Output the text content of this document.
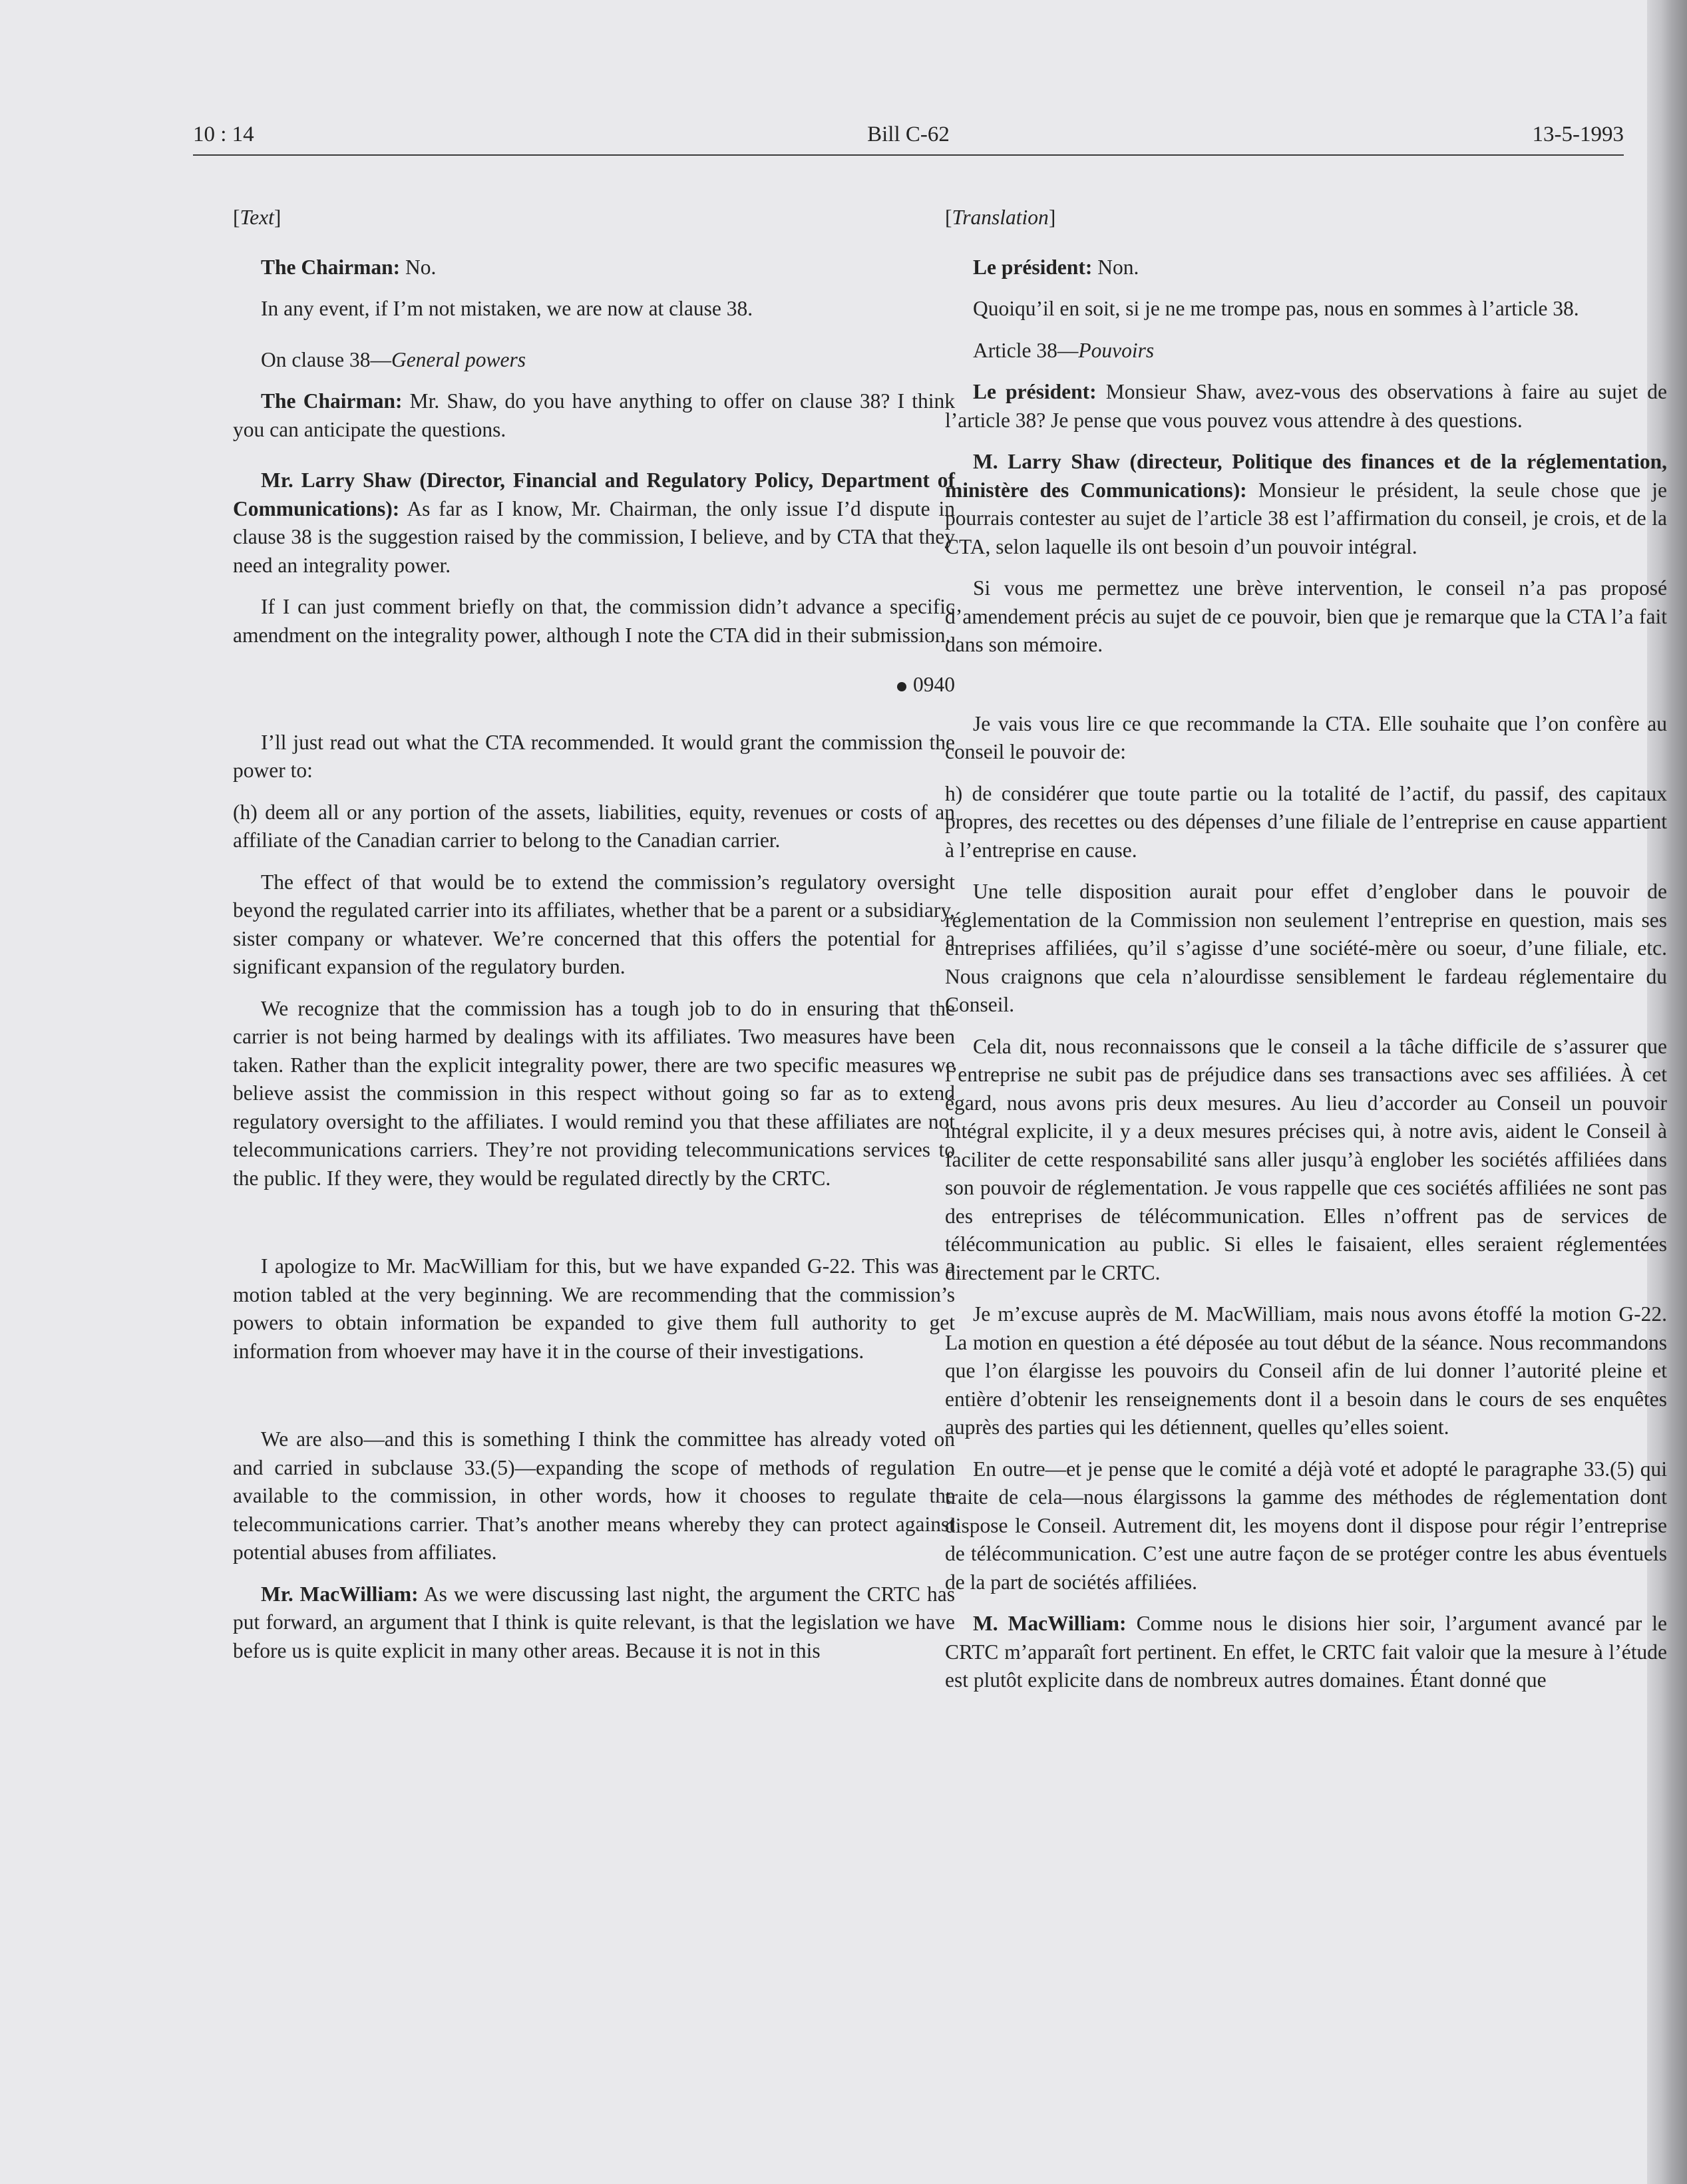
10 : 14	Bill C-62	13-5-1993

[Text]

The Chairman: No.

In any event, if I’m not mistaken, we are now at clause 38.

On clause 38—General powers

The Chairman: Mr. Shaw, do you have anything to offer on clause 38? I think you can anticipate the questions.

Mr. Larry Shaw (Director, Financial and Regulatory Policy, Department of Communications): As far as I know, Mr. Chairman, the only issue I’d dispute in clause 38 is the suggestion raised by the commission, I believe, and by CTA that they need an integrality power.

If I can just comment briefly on that, the commission didn’t advance a specific amendment on the integrality power, although I note the CTA did in their submission.

0940

I’ll just read out what the CTA recommended. It would grant the commission the power to:

(h) deem all or any portion of the assets, liabilities, equity, revenues or costs of an affiliate of the Canadian carrier to belong to the Canadian carrier.

The effect of that would be to extend the commission’s regulatory oversight beyond the regulated carrier into its affiliates, whether that be a parent or a subsidiary, sister company or whatever. We’re concerned that this offers the potential for a significant expansion of the regulatory burden.

We recognize that the commission has a tough job to do in ensuring that the carrier is not being harmed by dealings with its affiliates. Two measures have been taken. Rather than the explicit integrality power, there are two specific measures we believe assist the commission in this respect without going so far as to extend regulatory oversight to the affiliates. I would remind you that these affiliates are not telecommunications carriers. They’re not providing telecommunications services to the public. If they were, they would be regulated directly by the CRTC.

I apologize to Mr. MacWilliam for this, but we have expanded G-22. This was a motion tabled at the very beginning. We are recommending that the commission’s powers to obtain information be expanded to give them full authority to get information from whoever may have it in the course of their investigations.

We are also—and this is something I think the committee has already voted on and carried in subclause 33.(5)—expanding the scope of methods of regulation available to the commission, in other words, how it chooses to regulate the telecommunications carrier. That’s another means whereby they can protect against potential abuses from affiliates.

Mr. MacWilliam: As we were discussing last night, the argument the CRTC has put forward, an argument that I think is quite relevant, is that the legislation we have before us is quite explicit in many other areas. Because it is not in this

[Translation]

Le président: Non.

Quoiqu’il en soit, si je ne me trompe pas, nous en sommes à l’article 38.

Article 38—Pouvoirs

Le président: Monsieur Shaw, avez-vous des observations à faire au sujet de l’article 38? Je pense que vous pouvez vous attendre à des questions.

M. Larry Shaw (directeur, Politique des finances et de la réglementation, ministère des Communications): Monsieur le président, la seule chose que je pourrais contester au sujet de l’article 38 est l’affirmation du conseil, je crois, et de la CTA, selon laquelle ils ont besoin d’un pouvoir intégral.

Si vous me permettez une brève intervention, le conseil n’a pas proposé d’amendement précis au sujet de ce pouvoir, bien que je remarque que la CTA l’a fait dans son mémoire.

Je vais vous lire ce que recommande la CTA. Elle souhaite que l’on confère au conseil le pouvoir de:

h) de considérer que toute partie ou la totalité de l’actif, du passif, des capitaux propres, des recettes ou des dépenses d’une filiale de l’entreprise en cause appartient à l’entreprise en cause.

Une telle disposition aurait pour effet d’englober dans le pouvoir de réglementation de la Commission non seulement l’entreprise en question, mais ses entreprises affiliées, qu’il s’agisse d’une société-mère ou soeur, d’une filiale, etc. Nous craignons que cela n’alourdisse sensiblement le fardeau réglementaire du Conseil.

Cela dit, nous reconnaissons que le conseil a la tâche difficile de s’assurer que l’entreprise ne subit pas de préjudice dans ses transactions avec ses affiliées. À cet égard, nous avons pris deux mesures. Au lieu d’accorder au Conseil un pouvoir intégral explicite, il y a deux mesures précises qui, à notre avis, aident le Conseil à faciliter de cette responsabilité sans aller jusqu’à englober les sociétés affiliées dans son pouvoir de réglementation. Je vous rappelle que ces sociétés affiliées ne sont pas des entreprises de télécommunication. Elles n’offrent pas de services de télécommunication au public. Si elles le faisaient, elles seraient réglementées directement par le CRTC.

Je m’excuse auprès de M. MacWilliam, mais nous avons étoffé la motion G-22. La motion en question a été déposée au tout début de la séance. Nous recommandons que l’on élargisse les pouvoirs du Conseil afin de lui donner l’autorité pleine et entière d’obtenir les renseignements dont il a besoin dans le cours de ses enquêtes auprès des parties qui les détiennent, quelles qu’elles soient.

En outre—et je pense que le comité a déjà voté et adopté le paragraphe 33.(5) qui traite de cela—nous élargissons la gamme des méthodes de réglementation dont dispose le Conseil. Autrement dit, les moyens dont il dispose pour régir l’entreprise de télécommunication. C’est une autre façon de se protéger contre les abus éventuels de la part de sociétés affiliées.

M. MacWilliam: Comme nous le disions hier soir, l’argument avancé par le CRTC m’apparaît fort pertinent. En effet, le CRTC fait valoir que la mesure à l’étude est plutôt explicite dans de nombreux autres domaines. Étant donné que
